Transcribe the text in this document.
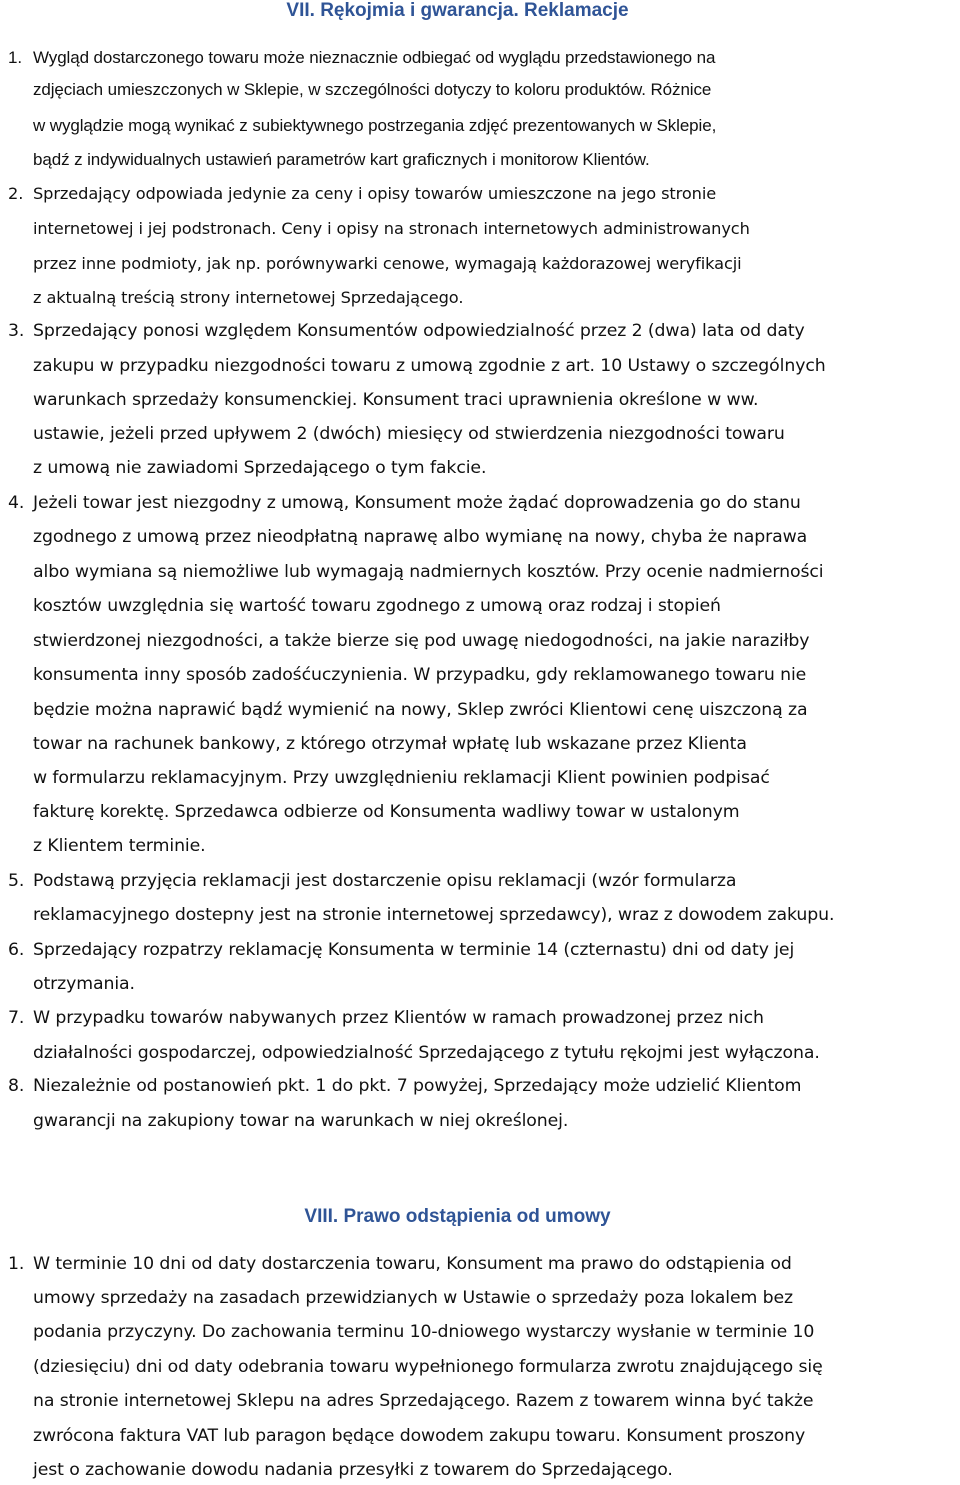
VII. Rękojmia i gwarancja. Reklamacje
1. Wygląd dostarczonego towaru może nieznacznie odbiegać od wyglądu przedstawionego na
zdjęciach umieszczonych w Sklepie, w szczególności dotyczy to koloru produktów. Różnice
w wyglądzie mogą wynikać z subiektywnego postrzegania zdjęć prezentowanych w Sklepie,
bądź z indywidualnych ustawień parametrów kart graficznych i monitorow Klientów.
2. Sprzedający odpowiada jedynie za ceny i opisy towarów umieszczone na jego stronie
internetowej i jej podstronach. Ceny i opisy na stronach internetowych administrowanych
przez inne podmioty, jak np. porównywarki cenowe, wymagają każdorazowej weryfikacji
z aktualną treścią strony internetowej Sprzedającego.
3. Sprzedający ponosi względem Konsumentów odpowiedzialność przez 2 (dwa) lata od daty
zakupu w przypadku niezgodności towaru z umową zgodnie z art. 10 Ustawy o szczególnych
warunkach sprzedaży konsumenckiej. Konsument traci uprawnienia określone w ww.
ustawie, jeżeli przed upływem 2 (dwóch) miesięcy od stwierdzenia niezgodności towaru
z umową nie zawiadomi Sprzedającego o tym fakcie.
4. Jeżeli towar jest niezgodny z umową, Konsument może żądać doprowadzenia go do stanu
zgodnego z umową przez nieodpłatną naprawę albo wymianę na nowy, chyba że naprawa
albo wymiana są niemożliwe lub wymagają nadmiernych kosztów. Przy ocenie nadmierności
kosztów uwzględnia się wartość towaru zgodnego z umową oraz rodzaj i stopień
stwierdzonej niezgodności, a także bierze się pod uwagę niedogodności, na jakie naraziłby
konsumenta inny sposób zadośćuczynienia. W przypadku, gdy reklamowanego towaru nie
będzie można naprawić bądź wymienić na nowy, Sklep zwróci Klientowi cenę uiszczoną za
towar na rachunek bankowy, z którego otrzymał wpłatę lub wskazane przez Klienta
w formularzu reklamacyjnym. Przy uwzględnieniu reklamacji Klient powinien podpisać
fakturę korektę. Sprzedawca odbierze od Konsumenta wadliwy towar w ustalonym
z Klientem terminie.
5. Podstawą przyjęcia reklamacji jest dostarczenie opisu reklamacji (wzór formularza
reklamacyjnego dostepny jest na stronie internetowej sprzedawcy), wraz z dowodem zakupu.
6. Sprzedający rozpatrzy reklamację Konsumenta w terminie 14 (czternastu) dni od daty jej
otrzymania.
7. W przypadku towarów nabywanych przez Klientów w ramach prowadzonej przez nich
działalności gospodarczej, odpowiedzialność Sprzedającego z tytułu rękojmi jest wyłączona.
8. Niezależnie od postanowień pkt. 1 do pkt. 7 powyżej, Sprzedający może udzielić Klientom
gwarancji na zakupiony towar na warunkach w niej określonej.
VIII. Prawo odstąpienia od umowy
1. W terminie 10 dni od daty dostarczenia towaru, Konsument ma prawo do odstąpienia od
umowy sprzedaży na zasadach przewidzianych w Ustawie o sprzedaży poza lokalem bez
podania przyczyny. Do zachowania terminu 10-dniowego wystarczy wysłanie w terminie 10
(dziesięciu) dni od daty odebrania towaru wypełnionego formularza zwrotu znajdującego się
na stronie internetowej Sklepu na adres Sprzedającego. Razem z towarem winna być także
zwrócona faktura VAT lub paragon będące dowodem zakupu towaru. Konsument proszony
jest o zachowanie dowodu nadania przesyłki z towarem do Sprzedającego.
